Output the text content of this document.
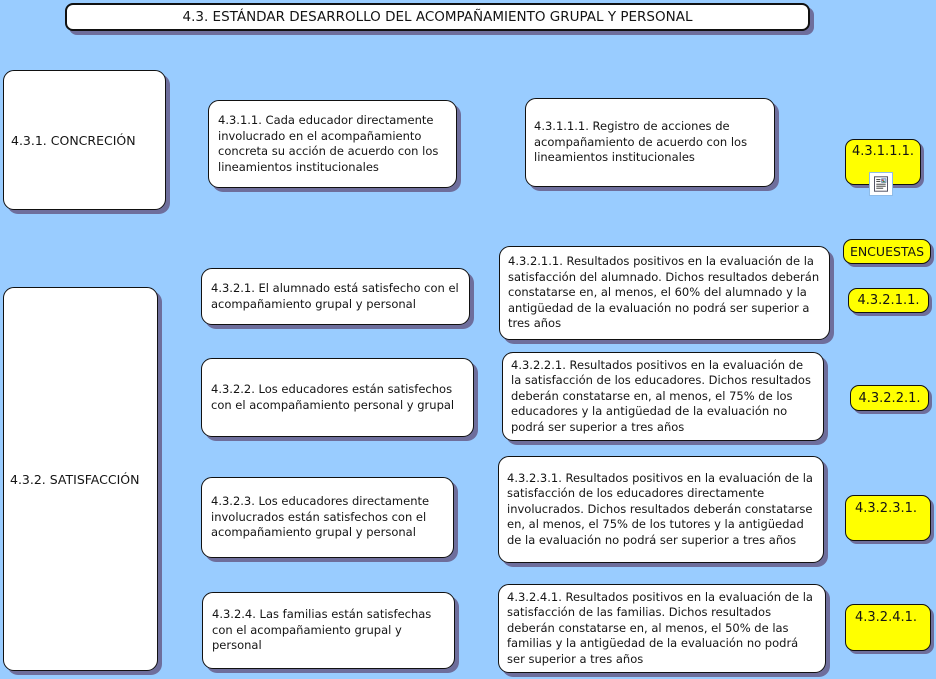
4.3. ESTÁNDAR DESARROLLO DEL ACOMPAÑAMIENTO GRUPAL Y PERSONAL
4.3.1. CONCRECIÓN
4.3.1.1. Cada educador directamente involucrado en el acompañamiento concreta su acción de acuerdo con los lineamientos institucionales
4.3.1.1.1. Registro de acciones de acompañamiento de acuerdo con los lineamientos institucionales	4.3.1.1.1.
ENCUESTAS
4.3.2. SATISFACCIÓN
4.3.2.1. El alumnado está satisfecho con el acompañamiento grupal y personal
4.3.2.1.1. Resultados positivos en la evaluación de la satisfacción del alumnado. Dichos resultados deberán constatarse en, al menos, el 60% del alumnado y la antigüedad de la evaluación no podrá ser superior a tres años
4.3.2.1.1.
4.3.2.2. Los educadores están satisfechos con el acompañamiento personal y grupal
4.3.2.2.1. Resultados positivos en la evaluación de la satisfacción de los educadores. Dichos resultados deberán constatarse en, al menos, el 75% de los educadores y la antigüedad de la evaluación no podrá ser superior a tres años
4.3.2.2.1.
4.3.2.3. Los educadores directamente involucrados están satisfechos con el acompañamiento grupal y personal
4.3.2.3.1. Resultados positivos en la evaluación de la satisfacción de los educadores directamente involucrados. Dichos resultados deberán constatarse en, al menos, el 75% de los tutores y la antigüedad de la evaluación no podrá ser superior a tres años
4.3.2.3.1.
4.3.2.4. Las familias están satisfechas con el acompañamiento grupal y personal
4.3.2.4.1. Resultados positivos en la evaluación de la satisfacción de las familias. Dichos resultados deberán constatarse en, al menos, el 50% de las familias y la antigüedad de la evaluación no podrá ser superior a tres años
4.3.2.4.1.
